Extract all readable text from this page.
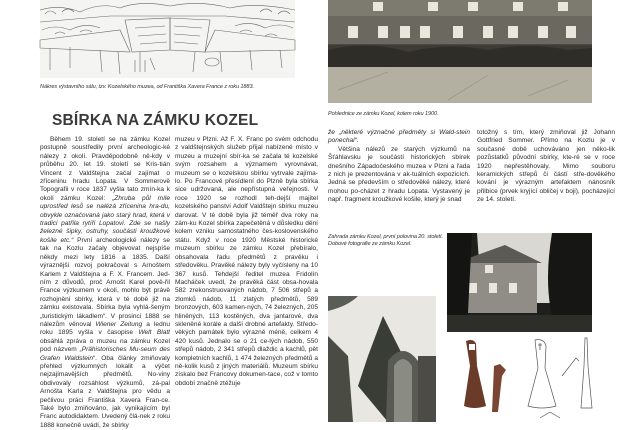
Nákres výstavního sálu, tzv. Kozelského muzea, od Františka Xavera France z roku 1883.
Pohlednice ze zámku Kozel, kolem roku 1900.
SBÍRKA NA ZÁMKU KOZEL

Během 19. století se na zámku Kozel postupně soustředily první archeologic-ké nálezy z okolí. Pravděpodobně ně-kdy v průběhu 20. let 19. století se Kris-tián Vincent z Valdštejna začal zajímat o zříceninu hradu Lopata. V Sommerově Topografii v roce 1837 vyšla tato zmín-ka k okolí zámku Kozel: „Zhruba půl míle uprostřed lesů se nalézá zřícenina hra-du, obvykle označovaná jako starý hrad, která v tradici patřila rytíři Lopatovi. Zde se našly železné šipky, ostruhy, součásti kroužkové košile etc.“ První archeologické nálezy se tak na Kozlu začaly objevovat nejspíše někdy mezi lety 1816 a 1835. Další výraznější rozvoj pokračoval s Arnoštem Karlem z Valdštejna a F. X. Francem. Jed-ním z důvodů, proč Arnošt Karel pově-řil France výzkumem v okolí, mohlo být právě rozhojnění sbírky, která v té době již na zámku existovala. Sbírka byla vyhlá-šeným „turistickým lákadlem“. V prosinci 1888 se nálezům věnoval Wiener Zeitung a lednu roku 1895 vyšla v časopise Welt Blatt obsáhlá zpráva o muzeu na zámku Kozel pod názvem „Prähistorisches Mu-seum des Grafen Waldstein“. Oba články zmiňovaly přehled výzkumných lokalit a výčet nejzajímavějších předmětů. No-viny obdivovaly rozsáhlost výzkumů, zá-pal Arnošta Karla z Valdštejna pro vědu a pečlivou práci Františka Xavera Fran-ce. Také bylo zmiňováno, jak vynikajícím byl Franc autodidaktem. Uvedený člá-nek z roku 1888 konečně uvádí, že sbírky

muzeu v Plzni. Až F. X. Franc po svém odchodu z valdštejnských služeb přijal nabízené místo v muzeu a muzejní sbír-ka se začala té kozelské svým rozsahem a významem vyrovnávat, muzeum se o kozelskou sbírku vytrvale zajíma-lo. Po Francově přesídlení do Plzně byla sbírka sice udržovaná, ale nepřístupná veřejnosti. V roce 1920 se rozhodl teh-dejší majitel kozelského panství Adolf Valdštejn sbírku muzeu darovat. V té době byla již téměř dva roky na zám-ku Kozel sbírka zapečetěná v důsledku dění kolem vzniku samostatného čes-koslovenského státu. Když v roce 1920 Městské historické muzeum sbírku ze zámku Kozel přebíralo, obsahovala řadu předmětů z pravěku i středověku. Pravěké nálezy byly vyčísleny na 10 367 kusů. Tehdejší ředitel muzea Fridolín Macháček uvedl, že pravěká část obsa-hovala 582 zrekonstruovaných nádob, 7 506 střepů a zlomků nádob, 11 zlatých předmětů, 589 bronzových, 603 kamen-ných, 74 železných, 205 hliněných, 113 kostěných, dva jantarové, dva skleněné korále a další drobné artefakty. Středo-věkých památek bylo výrazně méně, celkem 4 420 kusů. Jednalo se o 21 ce-lých nádob, 550 střepů nádob, 2 341 střepů dlaždic a kachlů, pět kompletních kachlů, 1 474 železných předmětů a ně-kolik kusů z jiných materiálů. Muzeum sbírku získalo bez Francovy dokumen-tace, což v tomto období značně ztěžuje
že „některé význačné předměty si Wald-stein ponechal“.

Většina nálezů ze starých výzkumů na Šťáhlavsku je součástí historických sbírek dnešního Západočeského muzea v Plzni a řada z nich je prezentována v ak-tuálních expozicích. Jedná se především o středověké nálezy, které mohou po-cházet z hradu Lopata. Vystavený je např. fragment kroužkové košile, který je snad

totožný s tím, který zmiňoval již Johann Gottfried Sommer. Přímo na Kozlu je v současné době uchováváno jen něko-lik pozůstatků původní sbírky, kte-ré se v roce 1920 nepřestěhovaly. Mimo souboru keramických střepů či částí stře-dověkého kování je výrazným artefaktem nánosník přilbice (prvek kryjící obličej v boji), pocházející ze 14. století.
Zahrada zámku Kozel, první polovina 20. století.
Dobové fotografie ze zámku Kozel.
